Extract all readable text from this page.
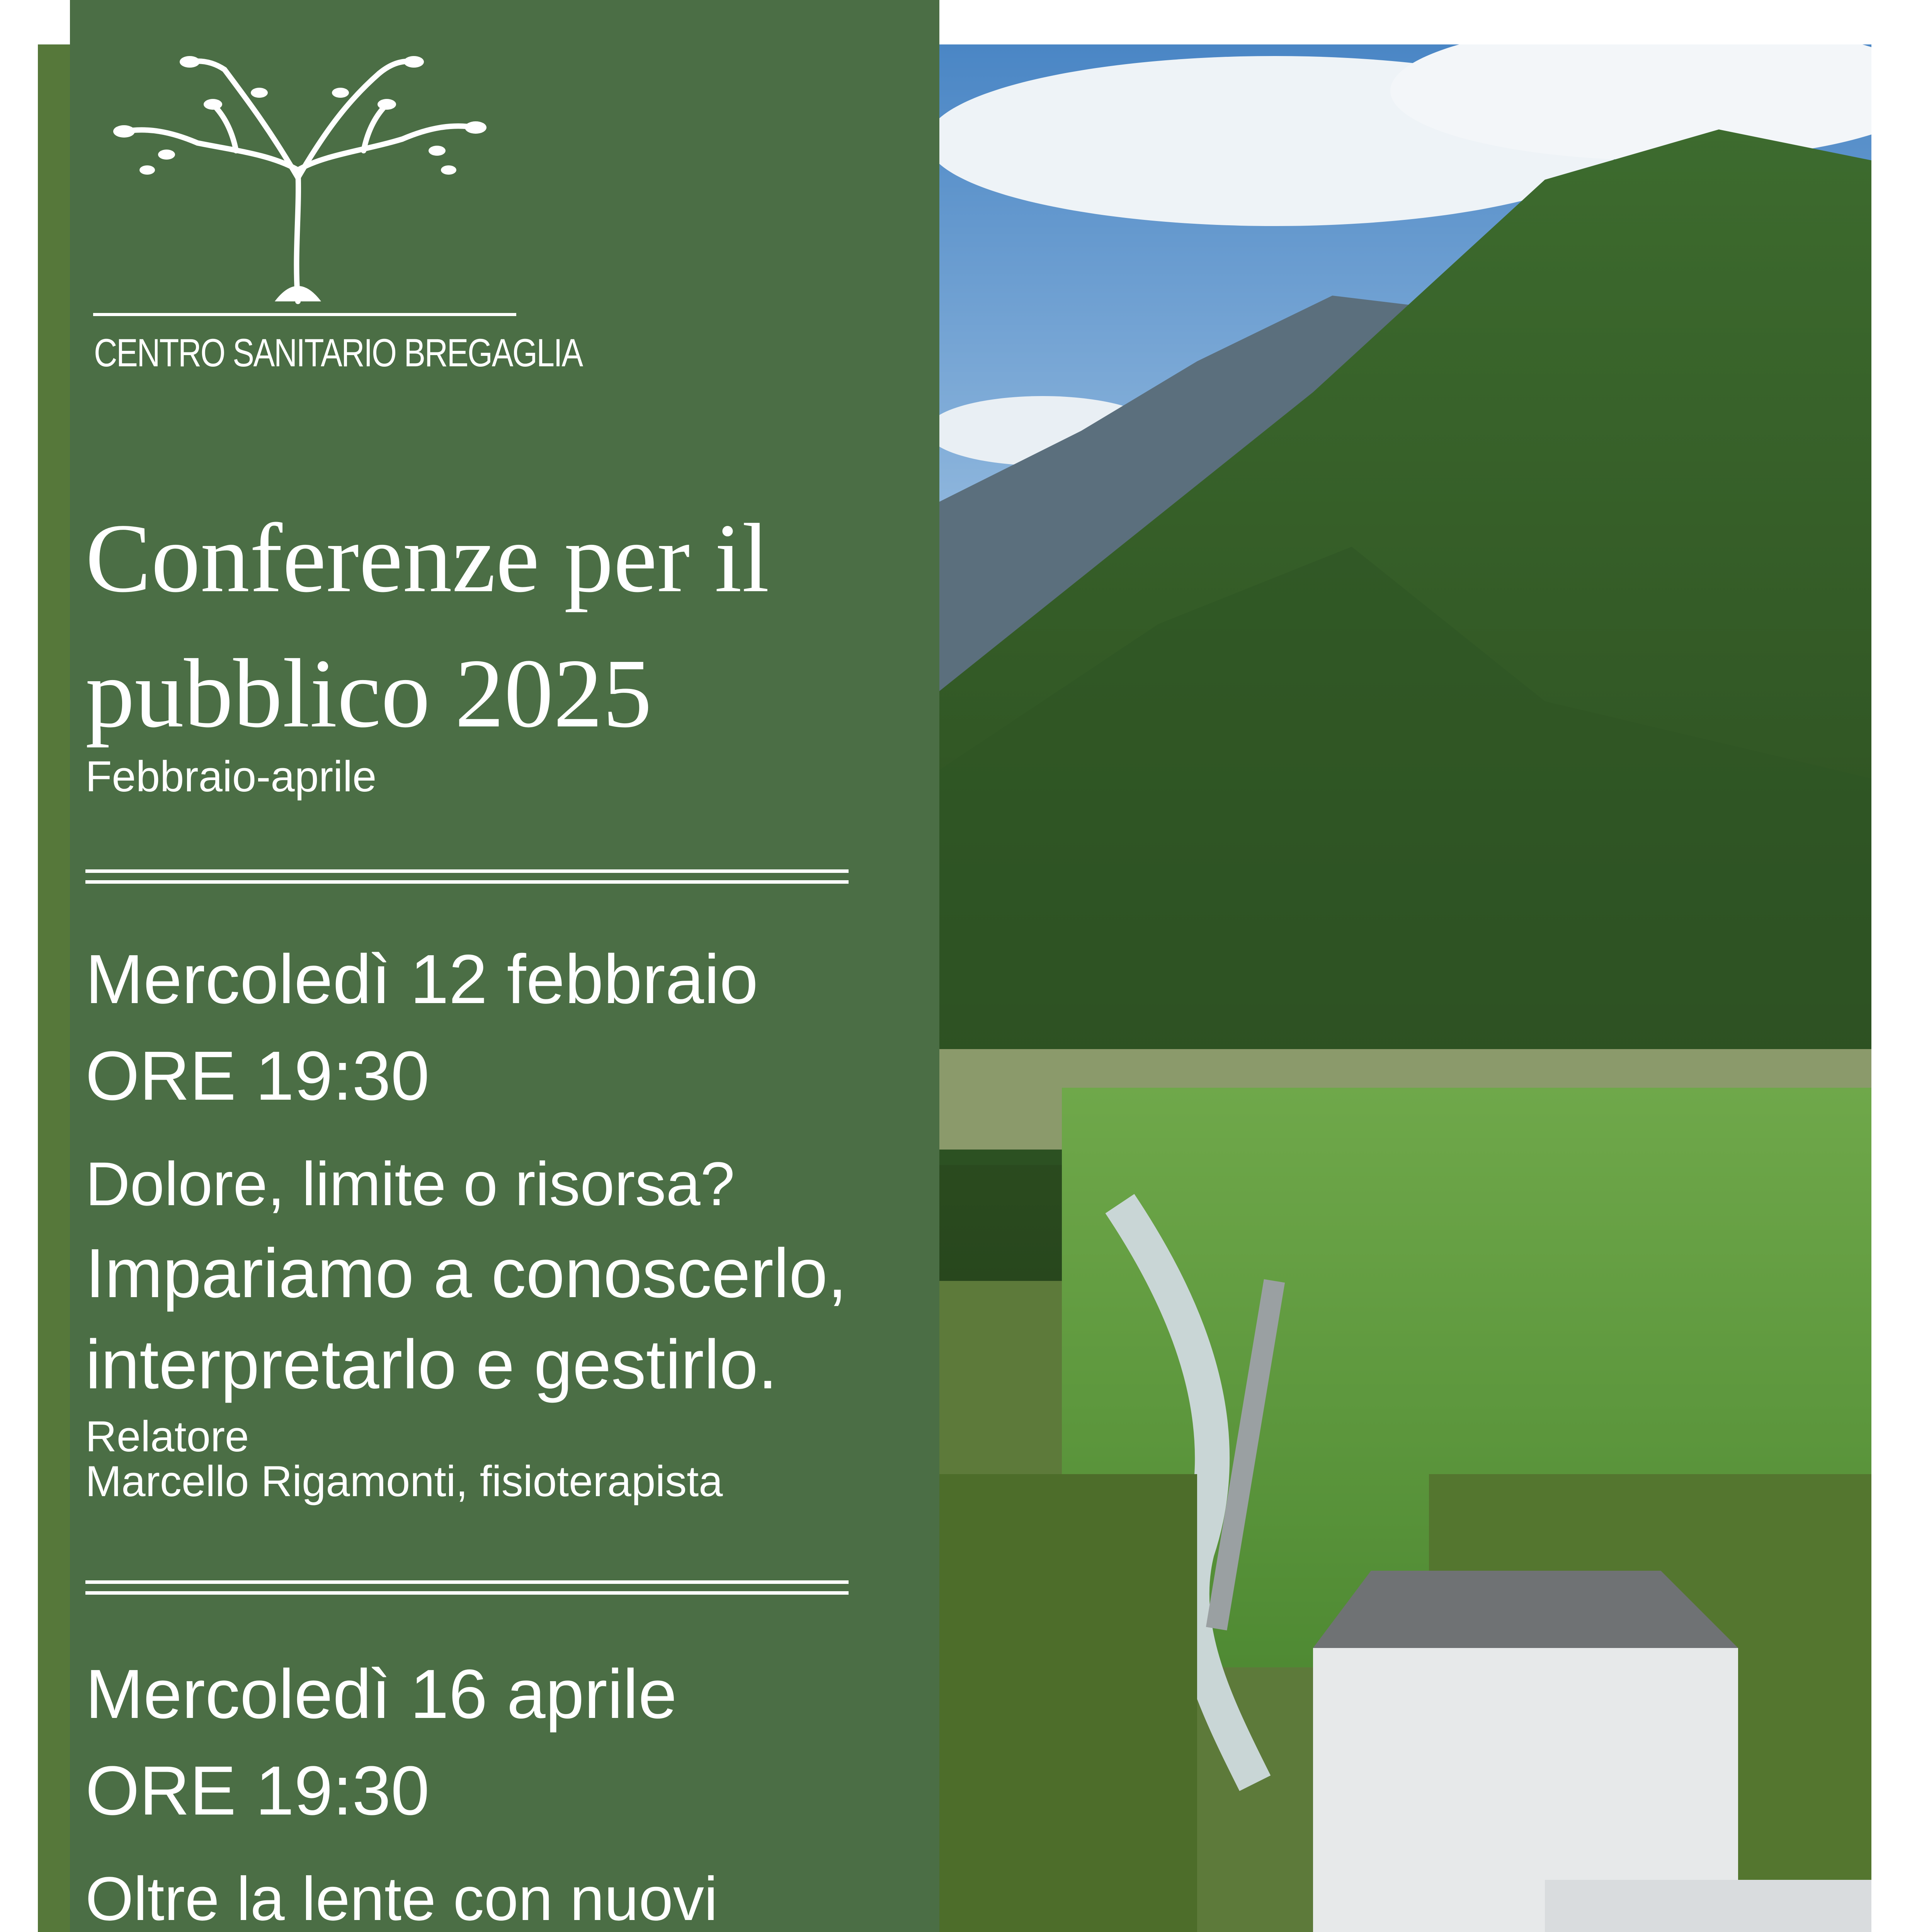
CENTRO SANITARIO BREGAGLIA
Conferenze per il
pubblico 2025
Febbraio-aprile
Mercoledì 12 febbraio
ORE 19:30
Dolore, limite o risorsa?
Impariamo a conoscerlo,
interpretarlo e gestirlo.
Relatore
Marcello Rigamonti, fisioterapista
Mercoledì 16 aprile
ORE 19:30
Oltre la lente con nuovi
